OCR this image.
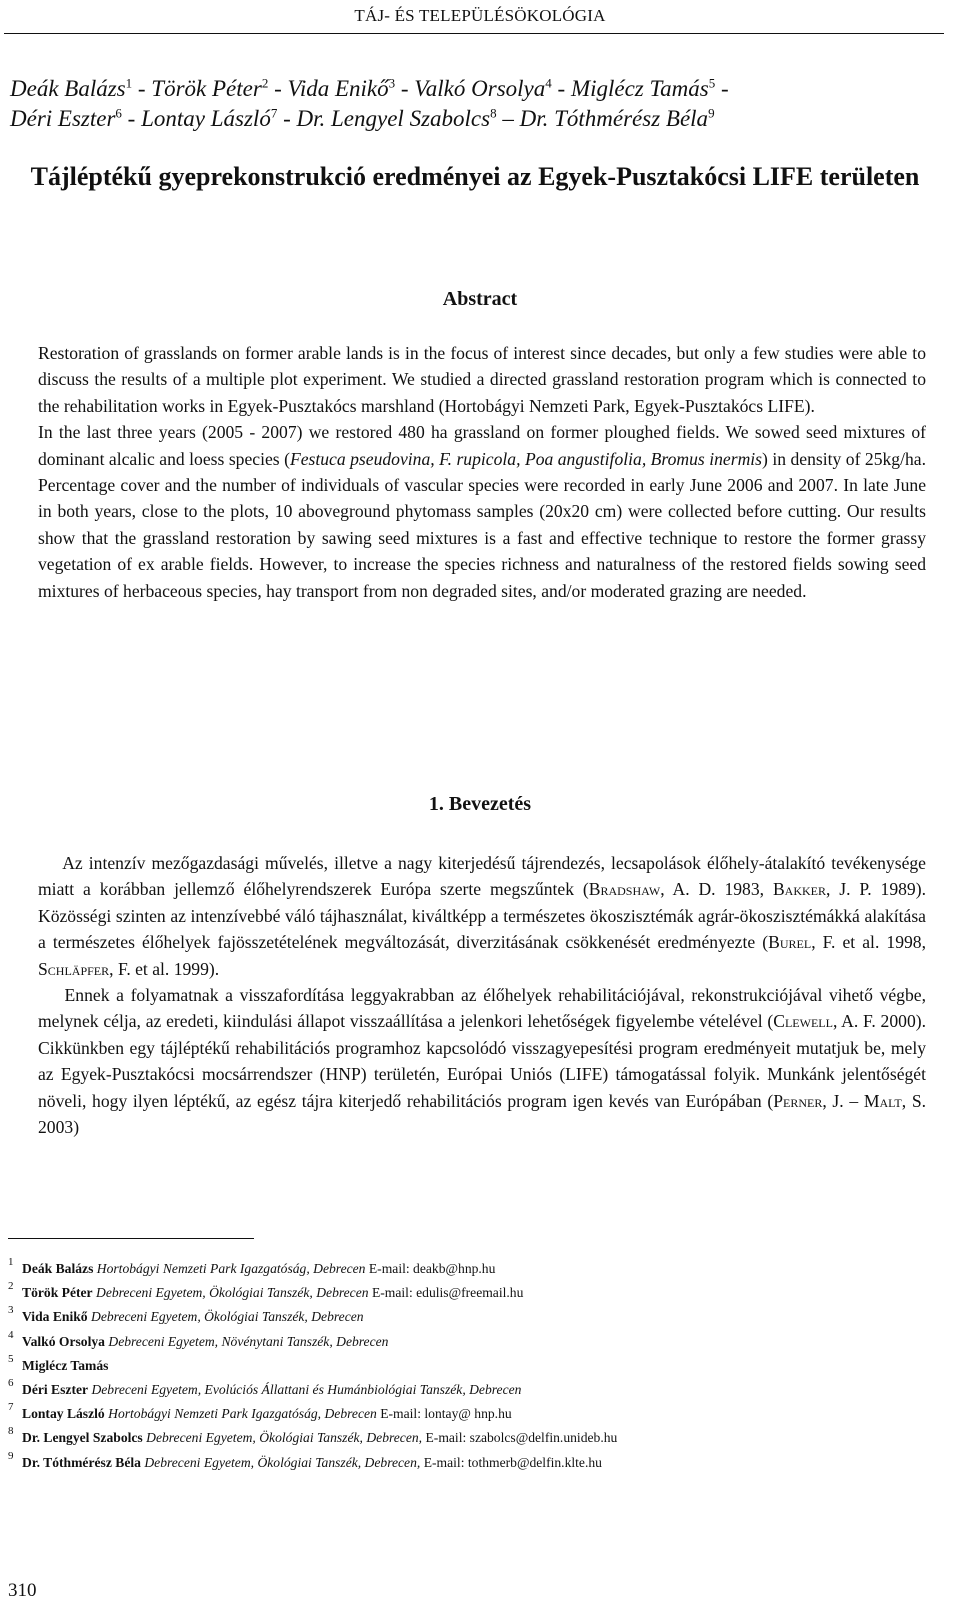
TÁJ- ÉS TELEPÜLÉSÖKOLÓGIA
Deák Balázs$^1$ - Török Péter$^2$ - Vida Enikő$^3$ - Valkó Orsolya$^4$ - Miglécz Tamás$^5$ -
Déri Eszter$^6$ - Lontay László$^7$ - Dr. Lengyel Szabolcs$^8$ – Dr. Tóthmérész Béla$^9$
Tájléptékű gyeprekonstrukció eredményei az Egyek-Pusztakócsi LIFE területen
Abstract

Restoration of grasslands on former arable lands is in the focus of interest since decades, but only a few studies were able to discuss the results of a multiple plot experiment. We studied a directed grassland restoration program which is connected to the rehabilitation works in Egyek-Pusztakócs marshland (Hortobágyi Nemzeti Park, Egyek-Pusztakócs LIFE).

In the last three years (2005 - 2007) we restored 480 ha grassland on former ploughed fields. We sowed seed mixtures of dominant alcalic and loess species (Festuca pseudovina, F. rupicola, Poa angustifolia, Bromus inermis) in density of 25kg/ha. Percentage cover and the number of individuals of vascular species were recorded in early June 2006 and 2007. In late June in both years, close to the plots, 10 aboveground phytomass samples (20x20 cm) were collected before cutting. Our results show that the grassland restoration by sawing seed mixtures is a fast and effective technique to restore the former grassy vegetation of ex arable fields. However, to increase the species richness and naturalness of the restored fields sowing seed mixtures of herbaceous species, hay transport from non degraded sites, and/or moderated grazing are needed.

1. Bevezetés

Az intenzív mezőgazdasági művelés, illetve a nagy kiterjedésű tájrendezés, lecsapolások élőhely-átalakító tevékenysége miatt a korábban jellemző élőhelyrendszerek Európa szerte megszűntek (Bradshaw, A. D. 1983, Bakker, J. P. 1989). Közösségi szinten az intenzívebbé váló tájhasználat, kiváltképp a természetes ökoszisztémák agrár-ökoszisztémákká alakítása a természetes élőhelyek fajösszetételének megváltozását, diverzitásának csökkenését eredményezte (Burel, F. et al. 1998, Schläpfer, F. et al. 1999).

Ennek a folyamatnak a visszafordítása leggyakrabban az élőhelyek rehabilitációjával, rekonstrukciójával vihető végbe, melynek célja, az eredeti, kiindulási állapot visszaállítása a jelenkori lehetőségek figyelembe vételével (Clewell, A. F. 2000). Cikkünkben egy tájléptékű rehabilitációs programhoz kapcsolódó visszagyepesítési program eredményeit mutatjuk be, mely az Egyek-Pusztakócsi mocsárrendszer (HNP) területén, Európai Uniós (LIFE) támogatással folyik. Munkánk jelentőségét növeli, hogy ilyen léptékű, az egész tájra kiterjedő rehabilitációs program igen kevés van Európában (Perner, J. – Malt, S. 2003)

1 Deák Balázs Hortobágyi Nemzeti Park Igazgatóság, Debrecen E-mail: deakb@hnp.hu
2 Török Péter Debreceni Egyetem, Ökológiai Tanszék, Debrecen E-mail: edulis@freemail.hu
3 Vida Enikő Debreceni Egyetem, Ökológiai Tanszék, Debrecen
4 Valkó Orsolya Debreceni Egyetem, Növénytani Tanszék, Debrecen
5 Miglécz Tamás
6 Déri Eszter Debreceni Egyetem, Evolúciós Állattani és Humánbiológiai Tanszék, Debrecen
7 Lontay László Hortobágyi Nemzeti Park Igazgatóság, Debrecen E-mail: lontay@ hnp.hu
8 Dr. Lengyel Szabolcs Debreceni Egyetem, Ökológiai Tanszék, Debrecen, E-mail: szabolcs@delfin.unideb.hu
9 Dr. Tóthmérész Béla Debreceni Egyetem, Ökológiai Tanszék, Debrecen, E-mail: tothmerb@delfin.klte.hu
310
